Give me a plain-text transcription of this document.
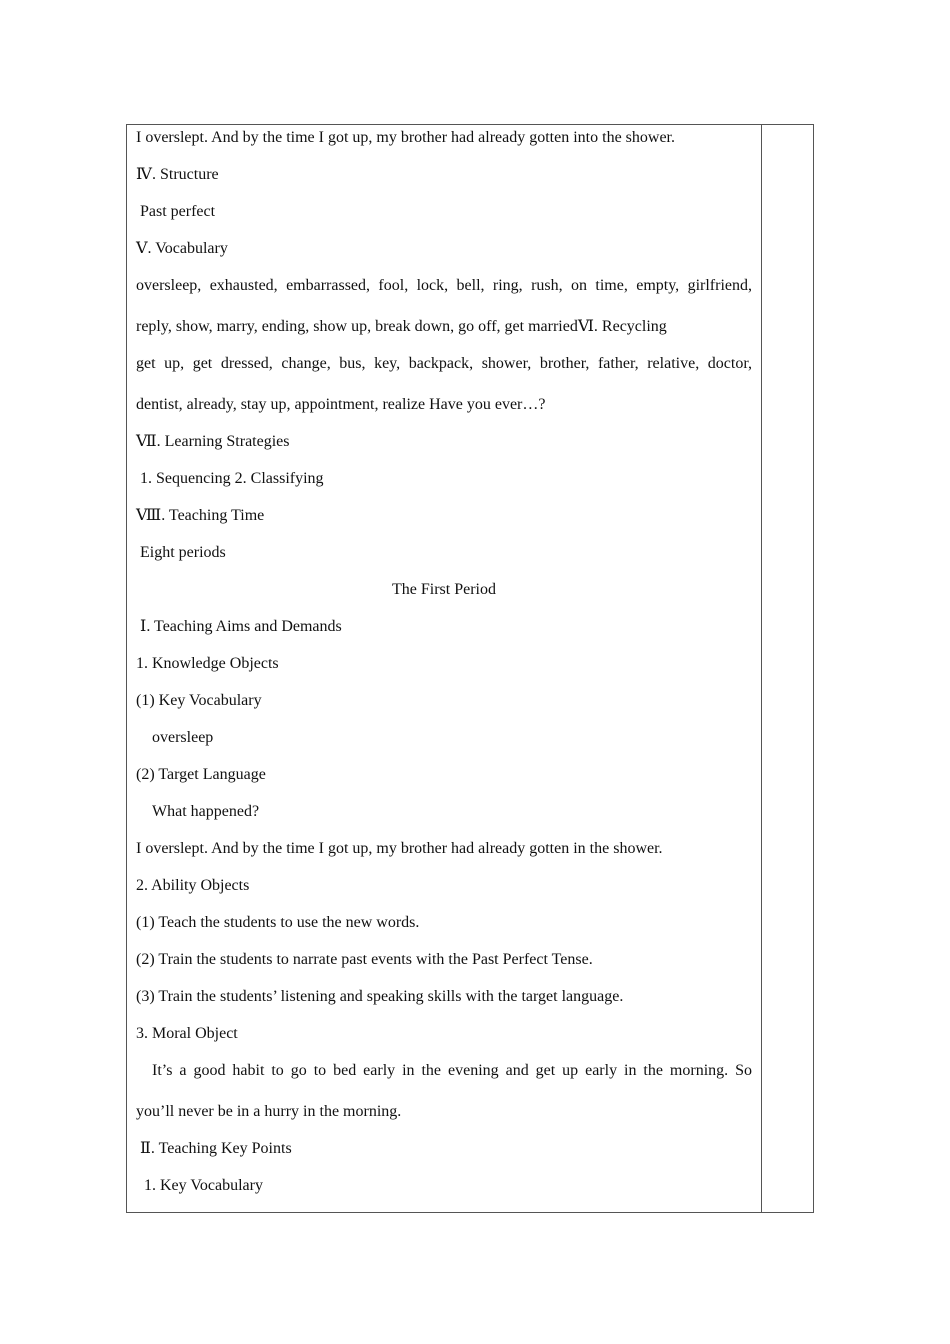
I overslept. And by the time I got up, my brother had already gotten into the shower.
Ⅳ. Structure
Past perfect
Ⅴ. Vocabulary
oversleep, exhausted, embarrassed, fool, lock, bell, ring, rush, on time, empty, girlfriend,
reply, show, marry, ending, show up, break down, go off, get marriedⅥ. Recycling
get up, get dressed, change, bus, key, backpack, shower, brother, father, relative, doctor,
dentist, already, stay up, appointment, realize Have you ever…?
Ⅶ. Learning Strategies
1. Sequencing 2. Classifying
Ⅷ. Teaching Time
Eight periods
The First Period
Ⅰ. Teaching Aims and Demands
1. Knowledge Objects
(1) Key Vocabulary
oversleep
(2) Target Language
What happened?
I overslept. And by the time I got up, my brother had already gotten in the shower.
2. Ability Objects
(1) Teach the students to use the new words.
(2) Train the students to narrate past events with the Past Perfect Tense.
(3) Train the students’ listening and speaking skills with the target language.
3. Moral Object
It’s a good habit to go to bed early in the evening and get up early in the morning. So
you’ll never be in a hurry in the morning.
Ⅱ. Teaching Key Points
1. Key Vocabulary
